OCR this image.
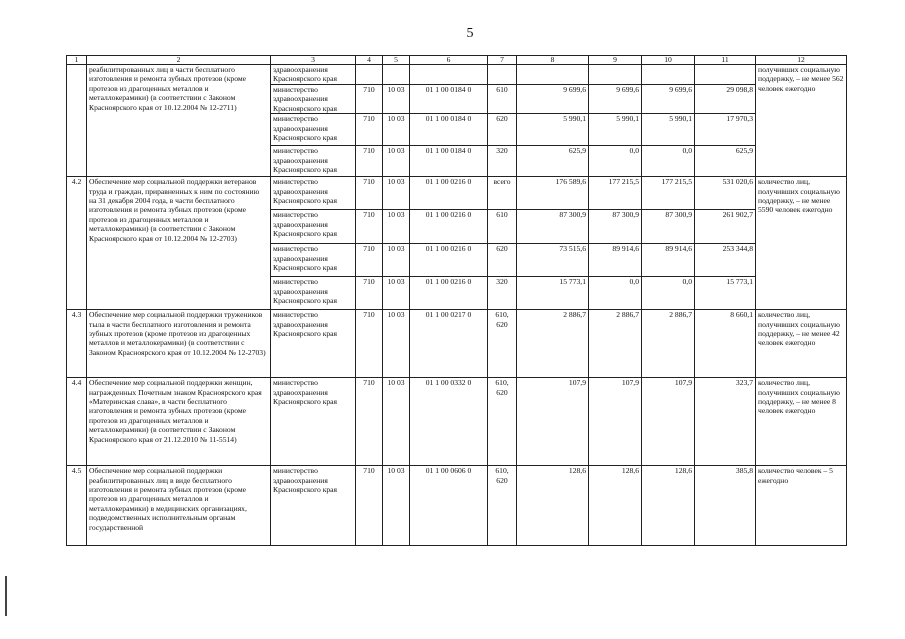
5
1	2	3	4	5	6	7	8	9	10	11	12
	реабилитированных лиц в части бесплатного изготовления и ремонта зубных протезов (кроме протезов из драгоценных металлов и металлокерамики) (в соответствии с Законом Красноярского края от 10.12.2004 № 12-2711)	здравоохранения Красноярского края									получивших социальную поддержку, – не менее 562 человек ежегодно
		министерство здравоохранения Красноярского края	710	10 03	01 1 00 0184 0	610	9 699,6	9 699,6	9 699,6	29 098,8	
		министерство здравоохранения Красноярского края	710	10 03	01 1 00 0184 0	620	5 990,1	5 990,1	5 990,1	17 970,3	
		министерство здравоохранения Красноярского края	710	10 03	01 1 00 0184 0	320	625,9	0,0	0,0	625,9	
4.2	Обеспечение мер социальной поддержки ветеранов труда и граждан, приравненных к ним по состоянию на 31 декабря 2004 года, в части бесплатного изготовления и ремонта зубных протезов (кроме протезов из драгоценных металлов и металлокерамики) (в соответствии с Законом Красноярского края от 10.12.2004 № 12-2703)	министерство здравоохранения Красноярского края	710	10 03	01 1 00 0216 0	всего	176 589,6	177 215,5	177 215,5	531 020,6	количество лиц, получивших социальную поддержку, – не менее 5590 человек ежегодно
		министерство здравоохранения Красноярского края	710	10 03	01 1 00 0216 0	610	87 300,9	87 300,9	87 300,9	261 902,7	
		министерство здравоохранения Красноярского края	710	10 03	01 1 00 0216 0	620	73 515,6	89 914,6	89 914,6	253 344,8	
		министерство здравоохранения Красноярского края	710	10 03	01 1 00 0216 0	320	15 773,1	0,0	0,0	15 773,1	
4.3	Обеспечение мер социальной поддержки тружеников тыла в части бесплатного изготовления и ремонта зубных протезов (кроме протезов из драгоценных металлов и металлокерамики) (в соответствии с Законом Красноярского края от 10.12.2004 № 12-2703)	министерство здравоохранения Красноярского края	710	10 03	01 1 00 0217 0	610, 620	2 886,7	2 886,7	2 886,7	8 660,1	количество лиц, получивших социальную поддержку, – не менее 42 человек ежегодно
4.4	Обеспечение мер социальной поддержки женщин, награжденных Почетным знаком Красноярского края «Материнская слава», в части бесплатного изготовления и ремонта зубных протезов (кроме протезов из драгоценных металлов и металлокерамики) (в соответствии с Законом Красноярского края от 21.12.2010 № 11-5514)	министерство здравоохранения Красноярского края	710	10 03	01 1 00 0332 0	610, 620	107,9	107,9	107,9	323,7	количество лиц, получивших социальную поддержку, – не менее 8 человек ежегодно
4.5	Обеспечение мер социальной поддержки реабилитированных лиц в виде бесплатного изготовления и ремонта зубных протезов (кроме протезов из драгоценных металлов и металлокерамики) в медицинских организациях, подведомственных исполнительным органам государственной	министерство здравоохранения Красноярского края	710	10 03	01 1 00 0606 0	610, 620	128,6	128,6	128,6	385,8	количество человек – 5 ежегодно
